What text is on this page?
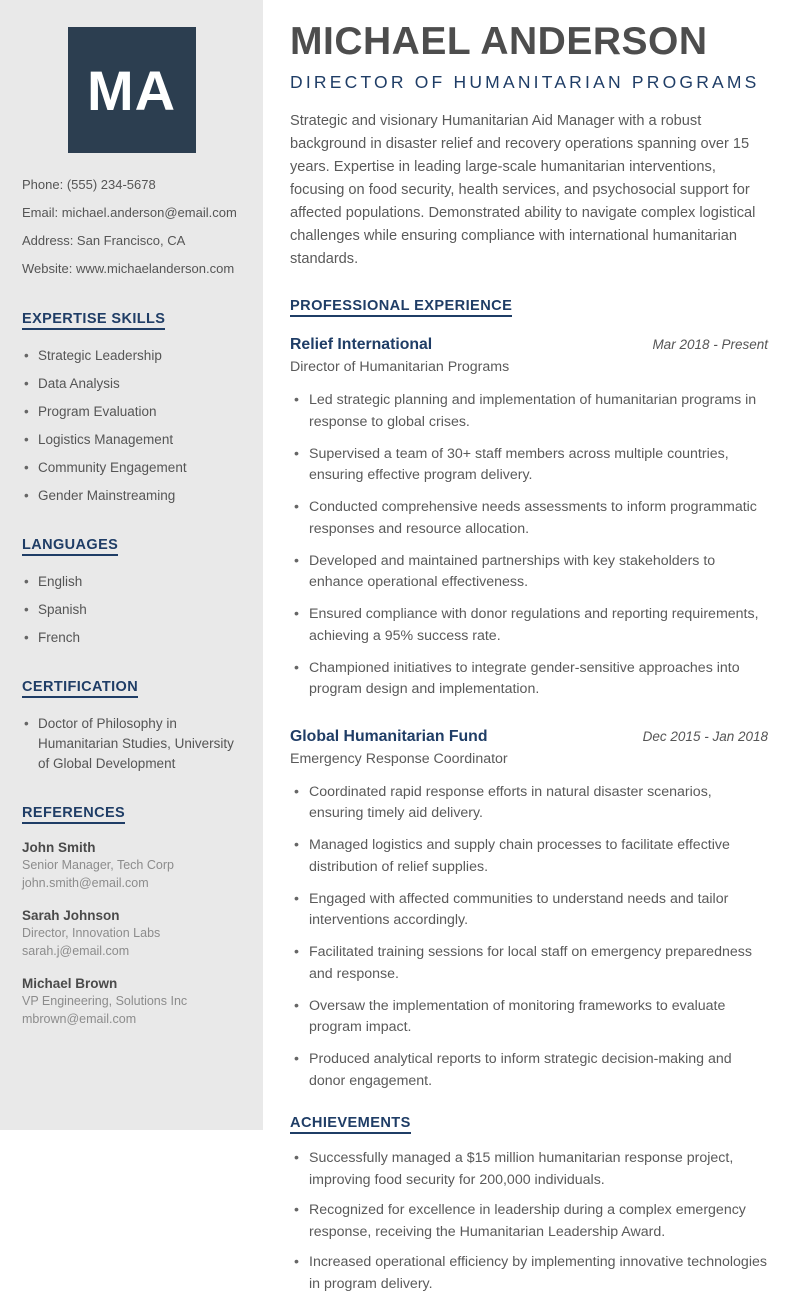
MA

Phone: (555) 234-5678

Email: michael.anderson@email.com

Address: San Francisco, CA

Website: www.michaelanderson.com

EXPERTISE SKILLS
• Strategic Leadership
• Data Analysis
• Program Evaluation
• Logistics Management
• Community Engagement
• Gender Mainstreaming
LANGUAGES
• English
• Spanish
• French
CERTIFICATION
• Doctor of Philosophy in Humanitarian Studies, University of Global Development
REFERENCES

John Smith

Senior Manager, Tech Corp

john.smith@email.com

Sarah Johnson

Director, Innovation Labs

sarah.j@email.com

Michael Brown

VP Engineering, Solutions Inc

mbrown@email.com

MICHAEL ANDERSON
DIRECTOR OF HUMANITARIAN PROGRAMS

Strategic and visionary Humanitarian Aid Manager with a robust background in disaster relief and recovery operations spanning over 15 years. Expertise in leading large-scale humanitarian interventions, focusing on food security, health services, and psychosocial support for affected populations. Demonstrated ability to navigate complex logistical challenges while ensuring compliance with international humanitarian standards.

PROFESSIONAL EXPERIENCE

Relief International	Mar 2018 - Present

Director of Humanitarian Programs

• Led strategic planning and implementation of humanitarian programs in response to global crises.
• Supervised a team of 30+ staff members across multiple countries, ensuring effective program delivery.
• Conducted comprehensive needs assessments to inform programmatic responses and resource allocation.
• Developed and maintained partnerships with key stakeholders to enhance operational effectiveness.
• Ensured compliance with donor regulations and reporting requirements, achieving a 95% success rate.
• Championed initiatives to integrate gender-sensitive approaches into program design and implementation.

Global Humanitarian Fund	Dec 2015 - Jan 2018

Emergency Response Coordinator

• Coordinated rapid response efforts in natural disaster scenarios, ensuring timely aid delivery.
• Managed logistics and supply chain processes to facilitate effective distribution of relief supplies.
• Engaged with affected communities to understand needs and tailor interventions accordingly.
• Facilitated training sessions for local staff on emergency preparedness and response.
• Oversaw the implementation of monitoring frameworks to evaluate program impact.
• Produced analytical reports to inform strategic decision-making and donor engagement.
ACHIEVEMENTS
• Successfully managed a $15 million humanitarian response project, improving food security for 200,000 individuals.
• Recognized for excellence in leadership during a complex emergency response, receiving the Humanitarian Leadership Award.
• Increased operational efficiency by implementing innovative technologies in program delivery.
